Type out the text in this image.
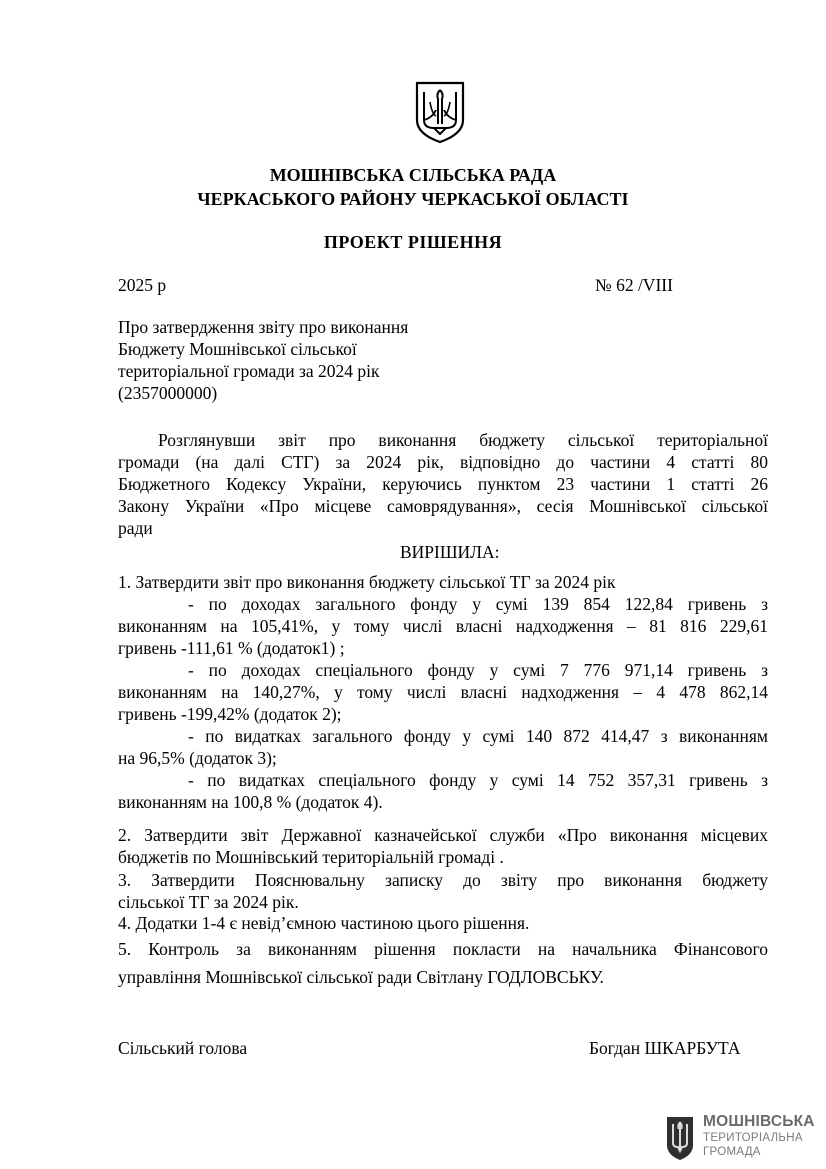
МОШНІВСЬКА СІЛЬСЬКА РАДА
ЧЕРКАСЬКОГО РАЙОНУ ЧЕРКАСЬКОЇ ОБЛАСТІ
ПРОЕКТ РІШЕННЯ
2025 р	№ 62 /VIII
Про затвердження звіту про виконання
Бюджету Мошнівської сільської
територіальної громади за 2024 рік
(2357000000)
Розглянувши звіт про виконання бюджету сільської територіальної
громади (на далі СТГ) за 2024 рік, відповідно до частини 4 статті 80
Бюджетного Кодексу України, керуючись пунктом 23 частини 1 статті 26
Закону України «Про місцеве самоврядування», сесія Мошнівської сільської
ради
ВИРІШИЛА:
1. Затвердити звіт про виконання бюджету сільської ТГ за 2024 рік
- по доходах загального фонду у сумі 139 854 122,84 гривень з
виконанням на 105,41%, у тому числі власні надходження – 81 816 229,61
гривень -111,61 % (додаток1) ;
- по доходах спеціального фонду у сумі 7 776 971,14 гривень з
виконанням на 140,27%, у тому числі власні надходження – 4 478 862,14
гривень -199,42% (додаток 2);
- по видатках загального фонду у сумі 140 872 414,47 з виконанням
на 96,5% (додаток 3);
- по видатках спеціального фонду у сумі 14 752 357,31 гривень з
виконанням на 100,8 % (додаток 4).
2. Затвердити звіт Державної казначейської служби «Про виконання місцевих
бюджетів по Мошнівський територіальній громаді .
3. Затвердити Пояснювальну записку до звіту про виконання бюджету
сільської ТГ за 2024 рік.
4. Додатки 1-4 є невід’ємною частиною цього рішення.
5. Контроль за виконанням рішення покласти на начальника Фінансового
управління Мошнівської сільської ради Світлану ГОДЛОВСЬКУ.
Сільський голова	Богдан ШКАРБУТА
МОШНІВСЬКА
ТЕРИТОРІАЛЬНА
ГРОМАДА
